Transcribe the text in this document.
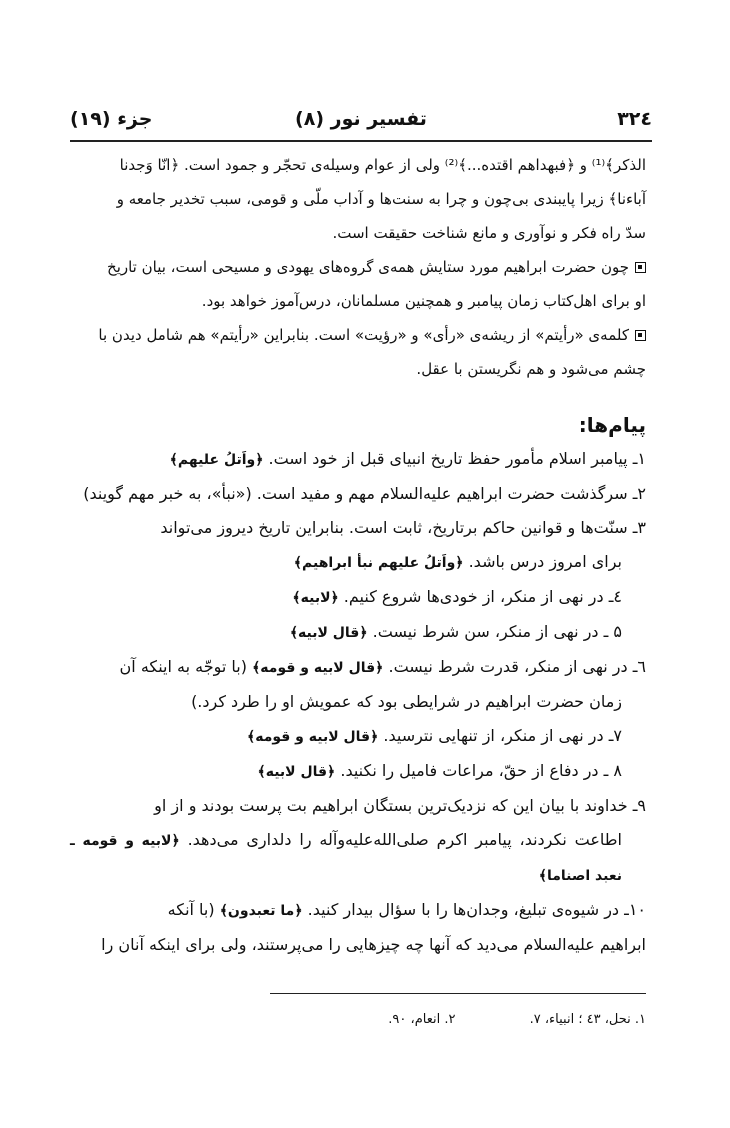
۳۲٤
تفسیر نور (۸)
جزء (۱۹)

الذکر﴾⁽¹⁾ و ﴿فبهداهم اقتده...﴾⁽²⁾ ولی از عوام وسیله‌ی تحجّر و جمود است. ﴿انّا وَجدنا

آباءنا﴾ زیرا پایبندی بی‌چون و چرا به سنت‌ها و آداب ملّی و قومی، سبب تخدیر جامعه و

سدّ راه فکر و نوآوری و مانع شناخت حقیقت است.

چون حضرت ابراهیم مورد ستایش همه‌ی گروه‌های یهودی و مسیحی است، بیان تاریخ

او برای اهل‌کتاب زمان پیامبر و همچنین مسلمانان، درس‌آموز خواهد بود.

کلمه‌ی «رأیتم» از ریشه‌ی «رأی» و «رؤیت» است. بنابراین «رأیتم» هم شامل دیدن با

چشم می‌شود و هم نگریستن با عقل.

پیام‌ها:

۱ـ پیامبر اسلام مأمور حفظ تاریخ انبیای قبل از خود است. ﴿واَتلُ علیهم﴾

۲ـ سرگذشت حضرت ابراهیم‌ علیه‌السلام مهم و مفید است. («نبأ»، به خبر مهم گویند)

۳ـ سنّت‌ها و قوانین حاکم برتاریخ، ثابت است. بنابراین تاریخ دیروز می‌تواند

برای امروز درس باشد. ﴿واَتلُ علیهم نبأ ابراهیم﴾

٤ـ در نهی از منکر، از خودی‌ها شروع کنیم. ﴿لابیه﴾

۵ ـ در نهی از منکر، سن شرط نیست. ﴿قال لابیه﴾

٦ـ در نهی از منکر، قدرت شرط نیست. ﴿قال لابیه و قومه﴾ (با توجّه به اینکه آن

زمان حضرت ابراهیم در شرایطی بود که عمویش او را طرد کرد.)

۷ـ در نهی از منکر، از تنهایی نترسید. ﴿قال لابیه و قومه﴾

۸ ـ در دفاع از حقّ، مراعات فامیل را نکنید. ﴿قال لابیه﴾

۹ـ خداوند با بیان این که نزدیک‌ترین بستگان ابراهیم بت پرست بودند و از او

اطاعت نکردند، پیامبر اکرم‌ صلی‌الله‌علیه‌وآله را دلداری می‌دهد. ﴿لابیه و قومه ـ نعبد اصناما﴾

۱۰ـ در شیوه‌ی تبلیغ، وجدان‌ها را با سؤال بیدار کنید. ﴿ما تعبدون﴾ (با آنکه

ابراهیم‌ علیه‌السلام می‌دید که آنها چه چیزهایی را می‌پرستند، ولی برای اینکه آنان را

۱. نحل، ٤۳ ؛ انبیاء، ۷. ۲. انعام، ۹۰.
